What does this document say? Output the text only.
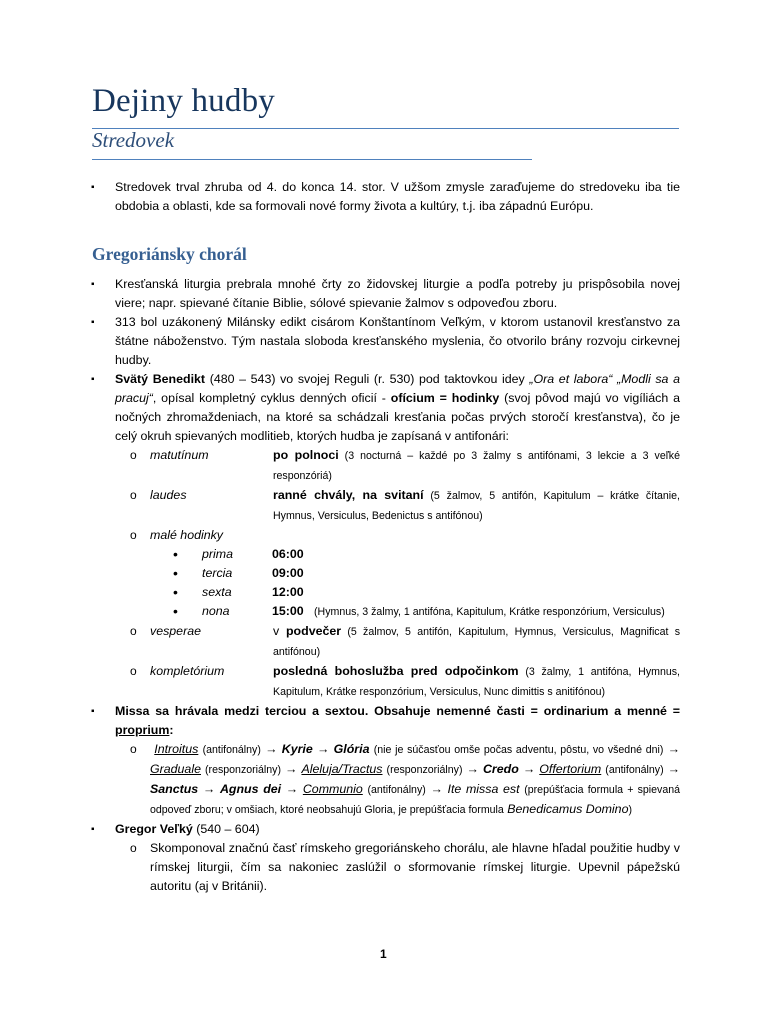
Dejiny hudby
Stredovek
▪ Stredovek trval zhruba od 4. do konca 14. stor. V užšom zmysle zaraďujeme do stredoveku iba tie obdobia a oblasti, kde sa formovali nové formy života a kultúry, t.j. iba západnú Európu.
Gregoriánsky chorál
▪ Kresťanská liturgia prebrala mnohé črty zo židovskej liturgie a podľa potreby ju prispôsobila novej viere; napr. spievané čítanie Biblie, sólové spievanie žalmov s odpoveďou zboru.
▪ 313 bol uzákonený Milánsky edikt cisárom Konštantínom Veľkým, v ktorom ustanovil kresťanstvo za štátne náboženstvo. Tým nastala sloboda kresťanského myslenia, čo otvorilo brány rozvoju cirkevnej hudby.
▪ Svätý Benedikt (480 – 543) vo svojej Reguli (r. 530) pod taktovkou idey „Ora et labora“ „Modli sa a pracuj“, opísal kompletný cyklus denných oficií - ofícium = hodinky (svoj pôvod majú vo vigíliách a nočných zhromaždeniach, na ktoré sa schádzali kresťania počas prvých storočí kresťanstva), čo je celý okruh spievaných modlitieb, ktorých hudba je zapísaná v antifonári:
o matutínum	po polnoci (3 nocturná – každé po 3 žalmy s antifónami, 3 lekcie a 3 veľké responzóriá)
o laudes	ranné chvály, na svitaní (5 žalmov, 5 antifón, Kapitulum – krátke čítanie, Hymnus, Versiculus, Bedenictus s antifónou)
o malé hodinky
• prima	06:00
• tercia	09:00
• sexta	12:00
• nona	15:00 (Hymnus, 3 žalmy, 1 antifóna, Kapitulum, Krátke responzórium, Versiculus)
o vesperae	v podvečer (5 žalmov, 5 antifón, Kapitulum, Hymnus, Versiculus, Magnificat s antifónou)
o kompletórium	posledná bohoslužba pred odpočinkom (3 žalmy, 1 antifóna, Hymnus, Kapitulum, Krátke responzórium, Versiculus, Nunc dimittis s anitifónou)
▪ Missa sa hrávala medzi terciou a sextou. Obsahuje nemenné časti = ordinarium a menné = proprium:
o Introitus (antifonálny) → Kyrie → Glória (nie je súčasťou omše počas adventu, pôstu, vo všedné dni) → Graduale (responzoriálny) → Aleluja/Tractus (responzoriálny) → Credo → Offertorium (antifonálny) → Sanctus → Agnus dei → Communio (antifonálny) → Ite missa est (prepúšťacia formula + spievaná odpoveď zboru; v omšiach, ktoré neobsahujú Gloria, je prepúšťacia formula Benedicamus Domino)
▪ Gregor Veľký (540 – 604)
o Skomponoval značnú časť rímskeho gregoriánskeho chorálu, ale hlavne hľadal použitie hudby v rímskej liturgii, čím sa nakoniec zaslúžil o sformovanie rímskej liturgie. Upevnil pápežskú autoritu (aj v Británii).
1
